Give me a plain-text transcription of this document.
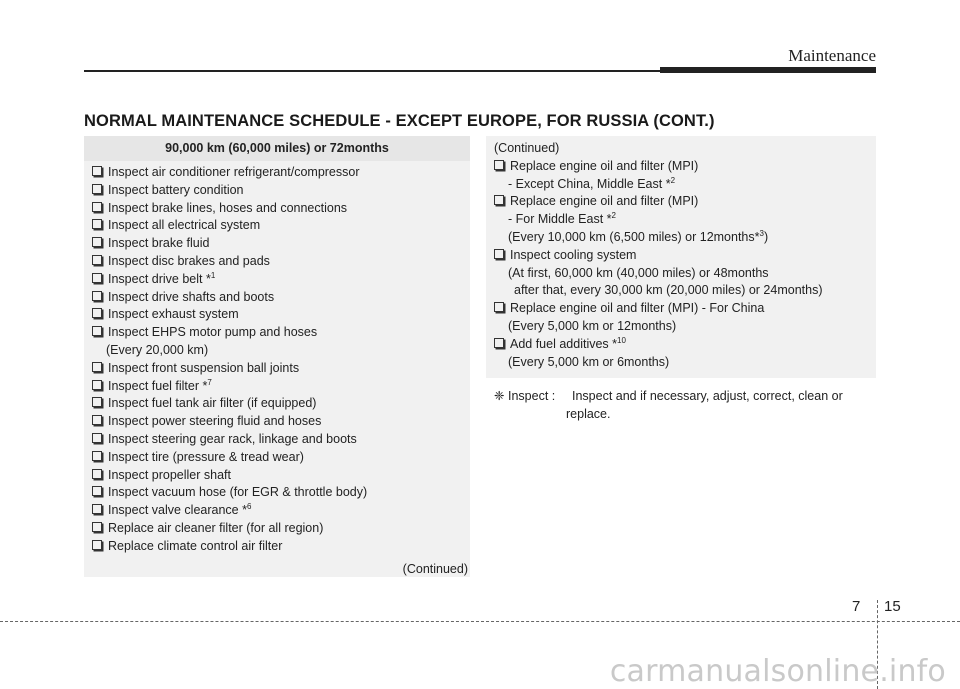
Maintenance
NORMAL MAINTENANCE SCHEDULE - EXCEPT EUROPE, FOR RUSSIA (CONT.)
90,000 km (60,000 miles) or 72months
Inspect air conditioner refrigerant/compressor
Inspect battery condition
Inspect brake lines, hoses and connections
Inspect all electrical system
Inspect brake fluid
Inspect disc brakes and pads
Inspect drive belt *$^1$
Inspect drive shafts and boots
Inspect exhaust system
Inspect EHPS motor pump and hoses
(Every 20,000 km)
Inspect front suspension ball joints
Inspect fuel filter *$^7$
Inspect fuel tank air filter (if equipped)
Inspect power steering fluid and hoses
Inspect steering gear rack, linkage and boots
Inspect tire (pressure & tread wear)
Inspect propeller shaft
Inspect vacuum hose (for EGR & throttle body)
Inspect valve clearance *$^6$
Replace air cleaner filter (for all region)
Replace climate control air filter
(Continued)
(Continued)
Replace engine oil and filter (MPI)
- Except China, Middle East *$^2$
Replace engine oil and filter (MPI)
- For Middle East *$^2$
(Every 10,000 km (6,500 miles) or 12months*$^3$)
Inspect cooling system
(At first, 60,000 km (40,000 miles) or 48months
after that, every 30,000 km (20,000 miles) or 24months)
Replace engine oil and filter (MPI) - For China
(Every 5,000 km or 12months)
Add fuel additives *$^{10}$
(Every 5,000 km or 6months)
❈ Inspect :	Inspect and if necessary, adjust, correct, clean or
replace.
7 15
carmanualsonline.info
